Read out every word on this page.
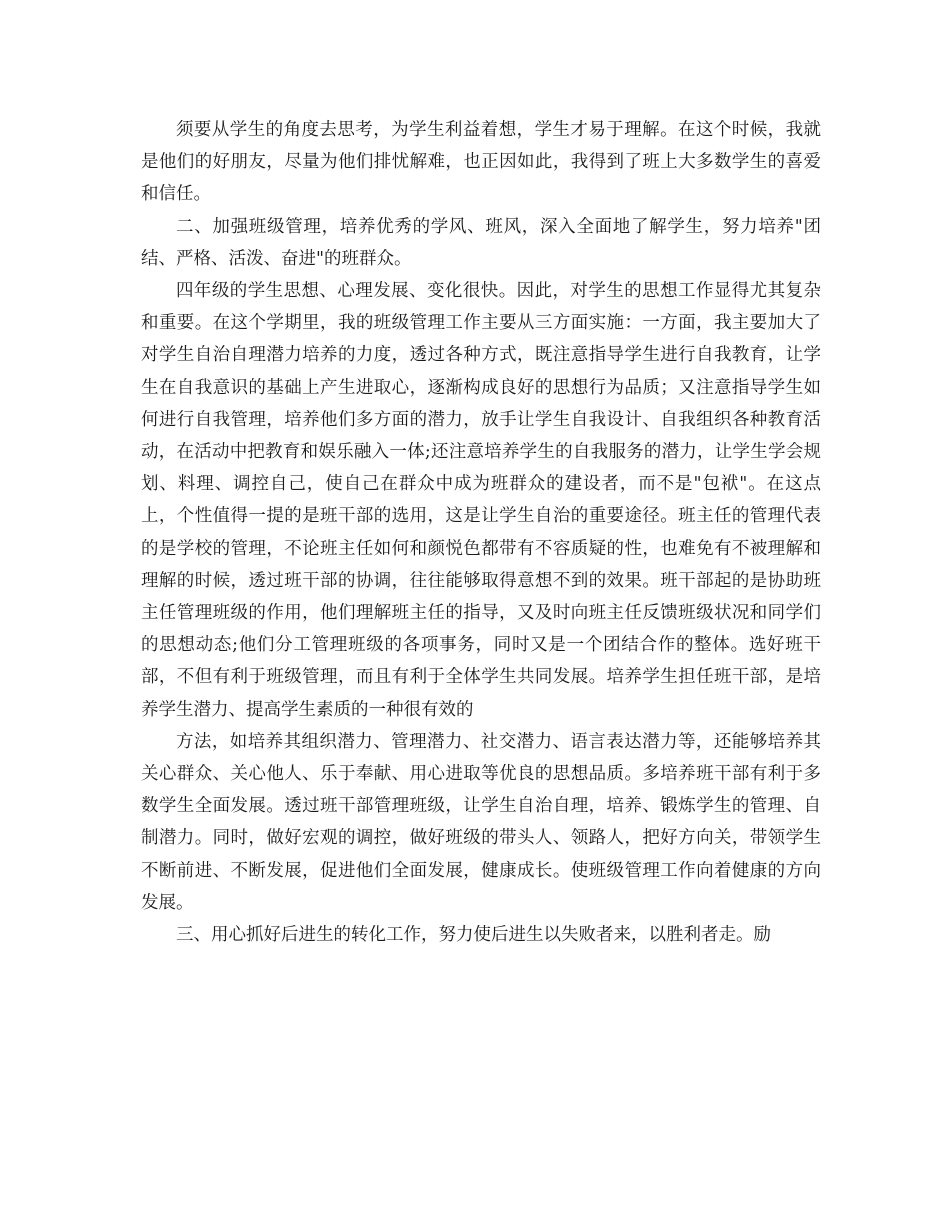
须要从学生的角度去思考，为学生利益着想，学生才易于理解。在这个时候，我就是他们的好朋友，尽量为他们排忧解难，也正因如此，我得到了班上大多数学生的喜爱和信任。

二、加强班级管理，培养优秀的学风、班风，深入全面地了解学生，努力培养"团结、严格、活泼、奋进"的班群众。

四年级的学生思想、心理发展、变化很快。因此，对学生的思想工作显得尤其复杂和重要。在这个学期里，我的班级管理工作主要从三方面实施：一方面，我主要加大了对学生自治自理潜力培养的力度，透过各种方式，既注意指导学生进行自我教育，让学生在自我意识的基础上产生进取心，逐渐构成良好的思想行为品质；又注意指导学生如何进行自我管理，培养他们多方面的潜力，放手让学生自我设计、自我组织各种教育活动，在活动中把教育和娱乐融入一体;还注意培养学生的自我服务的潜力，让学生学会规划、料理、调控自己，使自己在群众中成为班群众的建设者，而不是"包袱"。在这点上，个性值得一提的是班干部的选用，这是让学生自治的重要途径。班主任的管理代表的是学校的管理，不论班主任如何和颜悦色都带有不容质疑的性，也难免有不被理解和理解的时候，透过班干部的协调，往往能够取得意想不到的效果。班干部起的是协助班主任管理班级的作用，他们理解班主任的指导，又及时向班主任反馈班级状况和同学们的思想动态;他们分工管理班级的各项事务，同时又是一个团结合作的整体。选好班干部，不但有利于班级管理，而且有利于全体学生共同发展。培养学生担任班干部，是培养学生潜力、提高学生素质的一种很有效的

方法，如培养其组织潜力、管理潜力、社交潜力、语言表达潜力等，还能够培养其关心群众、关心他人、乐于奉献、用心进取等优良的思想品质。多培养班干部有利于多数学生全面发展。透过班干部管理班级，让学生自治自理，培养、锻炼学生的管理、自制潜力。同时，做好宏观的调控，做好班级的带头人、领路人，把好方向关，带领学生不断前进、不断发展，促进他们全面发展，健康成长。使班级管理工作向着健康的方向发展。

三、用心抓好后进生的转化工作，努力使后进生以失败者来，以胜利者走。励
